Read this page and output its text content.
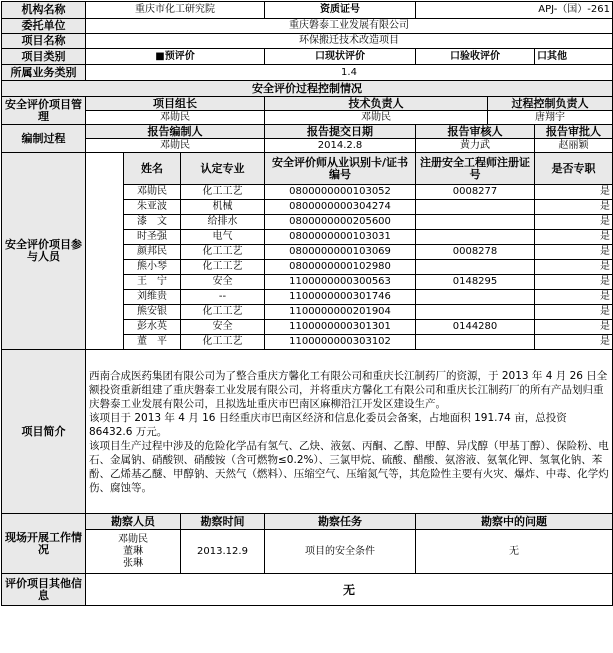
机构名称	重庆市化工研究院			资质证号	APJ-（国）-261		
委托单位	重庆磐泰工业发展有限公司						
项目名称	环保搬迁技术改造项目						
项目类别	■预评价			口现状评价	口验收评价		口其他
所属业务类别	1.4						
安全评价过程控制情况							
安全评价项目管理	项目组长			技术负责人		过程控制负责人	
	邓勋民			邓勋民		唐翔宇	
编制过程	报告编制人			报告提交日期	报告审核人		报告审批人
	邓勋民			2014.2.8	黄力武		赵丽颖
安全评价项目参与人员		姓名	认定专业	安全评价师从业识别卡/证书编号	注册安全工程师注册证号		是否专职
		邓勋民	化工工艺	0800000000103052	0008277		是
		朱亚波	机械	0800000000304274			是
		漆　文	给排水	0800000000205600			是
		时圣强	电气	0800000000103031			是
		颜邦民	化工工艺	0800000000103069	0008278		是
		熊小琴	化工工艺	0800000000102980			是
		王　宁	安全	1100000000300563	0148295		是
		刘维贵	--	1100000000301746			是
		熊安银	化工工艺	1100000000201904			是
		彭水英	安全	1100000000301301	0144280		是
		董　平	化工工艺	1100000000303102			是
项目简介	西南合成医药集团有限公司为了整合重庆方馨化工有限公司和重庆长江制药厂的资源，于 2013 年 4 月 26 日全额投资重新组建了重庆磐泰工业发展有限公司，并将重庆方馨化工有限公司和重庆长江制药厂的所有产品划归重庆磐泰工业发展有限公司，且拟选址重庆市巴南区麻柳沿江开发区建设生产。

该项目于 2013 年 4 月 16 日经重庆市巴南区经济和信息化委员会备案，占地面积 191.74 亩，总投资 86432.6 万元。

该项目生产过程中涉及的危险化学品有氢气、乙炔、液氨、丙酮、乙醇、甲醇、异戊醇（甲基丁醇）、保险粉、电石、金属钠、硝酸钡、硝酸铵（含可燃物≤0.2%）、三氯甲烷、硫酸、醋酸、氨溶液、氨氧化钾、氢氧化钠、苯酚、乙烯基乙醚、甲醇钠、天然气（燃料）、压缩空气、压缩氮气等，其危险性主要有火灾、爆炸、中毒、化学灼伤、腐蚀等。						

现场开展工作情况	勘察人员		勘察时间	勘察任务	勘察中的问题		

	邓勋民
董琳
张琳		2013.12.9	项目的安全条件	无		
评价项目其他信息	无						
